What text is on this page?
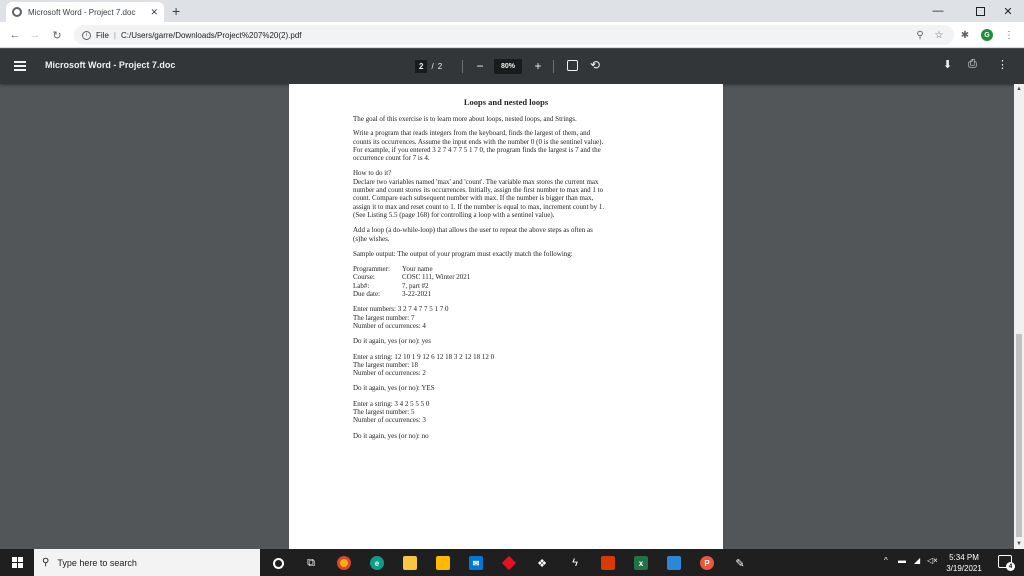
Microsoft Word - Project 7.doc	✕ +	—	✕
← → ↻	i	File | C:/Users/garre/Downloads/Project%207%20(2).pdf	⚲	☆	✱	G	⋮
Microsoft Word - Project 7.doc	2	/ 2	−	80%	+	⟲	⬇ ⎙ ⋮
Loops and nested loops

The goal of this exercise is to learn more about loops, nested loops, and Strings.

Write a program that reads integers from the keyboard, finds the largest of them, and
counts its occurrences. Assume the input ends with the number 0 (0 is the sentinel value).
For example, if you entered 3 2 7 4 7 7 5 1 7 0, the program finds the largest is 7 and the
occurrence count for 7 is 4.
How to do it?
Declare two variables named 'max' and 'count'. The variable max stores the current max
number and count stores its occurrences. Initially, assign the first number to max and 1 to
count. Compare each subsequent number with max. If the number is bigger than max,
assign it to max and reset count to 1. If the number is equal to max, increment count by 1.
(See Listing 5.5 (page 168) for controlling a loop with a sentinel value).
Add a loop (a do-while-loop) that allows the user to repeat the above steps as often as
(s)he wishes.
Sample output: The output of your program must exactly match the following:
Programmer:	Your name
Course:	COSC 111, Winter 2021
Lab#:	7, part #2
Due date:	3-22-2021
Enter numbers: 3 2 7 4 7 7 5 1 7 0
The largest number: 7
Number of occurrences: 4
Do it again, yes (or no): yes
Enter a string: 12 10 1 9 12 6 12 18 3 2 12 18 12 0
The largest number: 18
Number of occurrences: 2
Do it again, yes (or no): YES
Enter a string: 3 4 2 5 5 5 0
The largest number: 5
Number of occurrences: 3
Do it again, yes (or no): no
▲
▼
⚲ Type here to search	⧉	e	✉	❖	ϟ	x	P	✎	^ ▬ ◢ ◁×	5:34 PM
3/19/2021	4
